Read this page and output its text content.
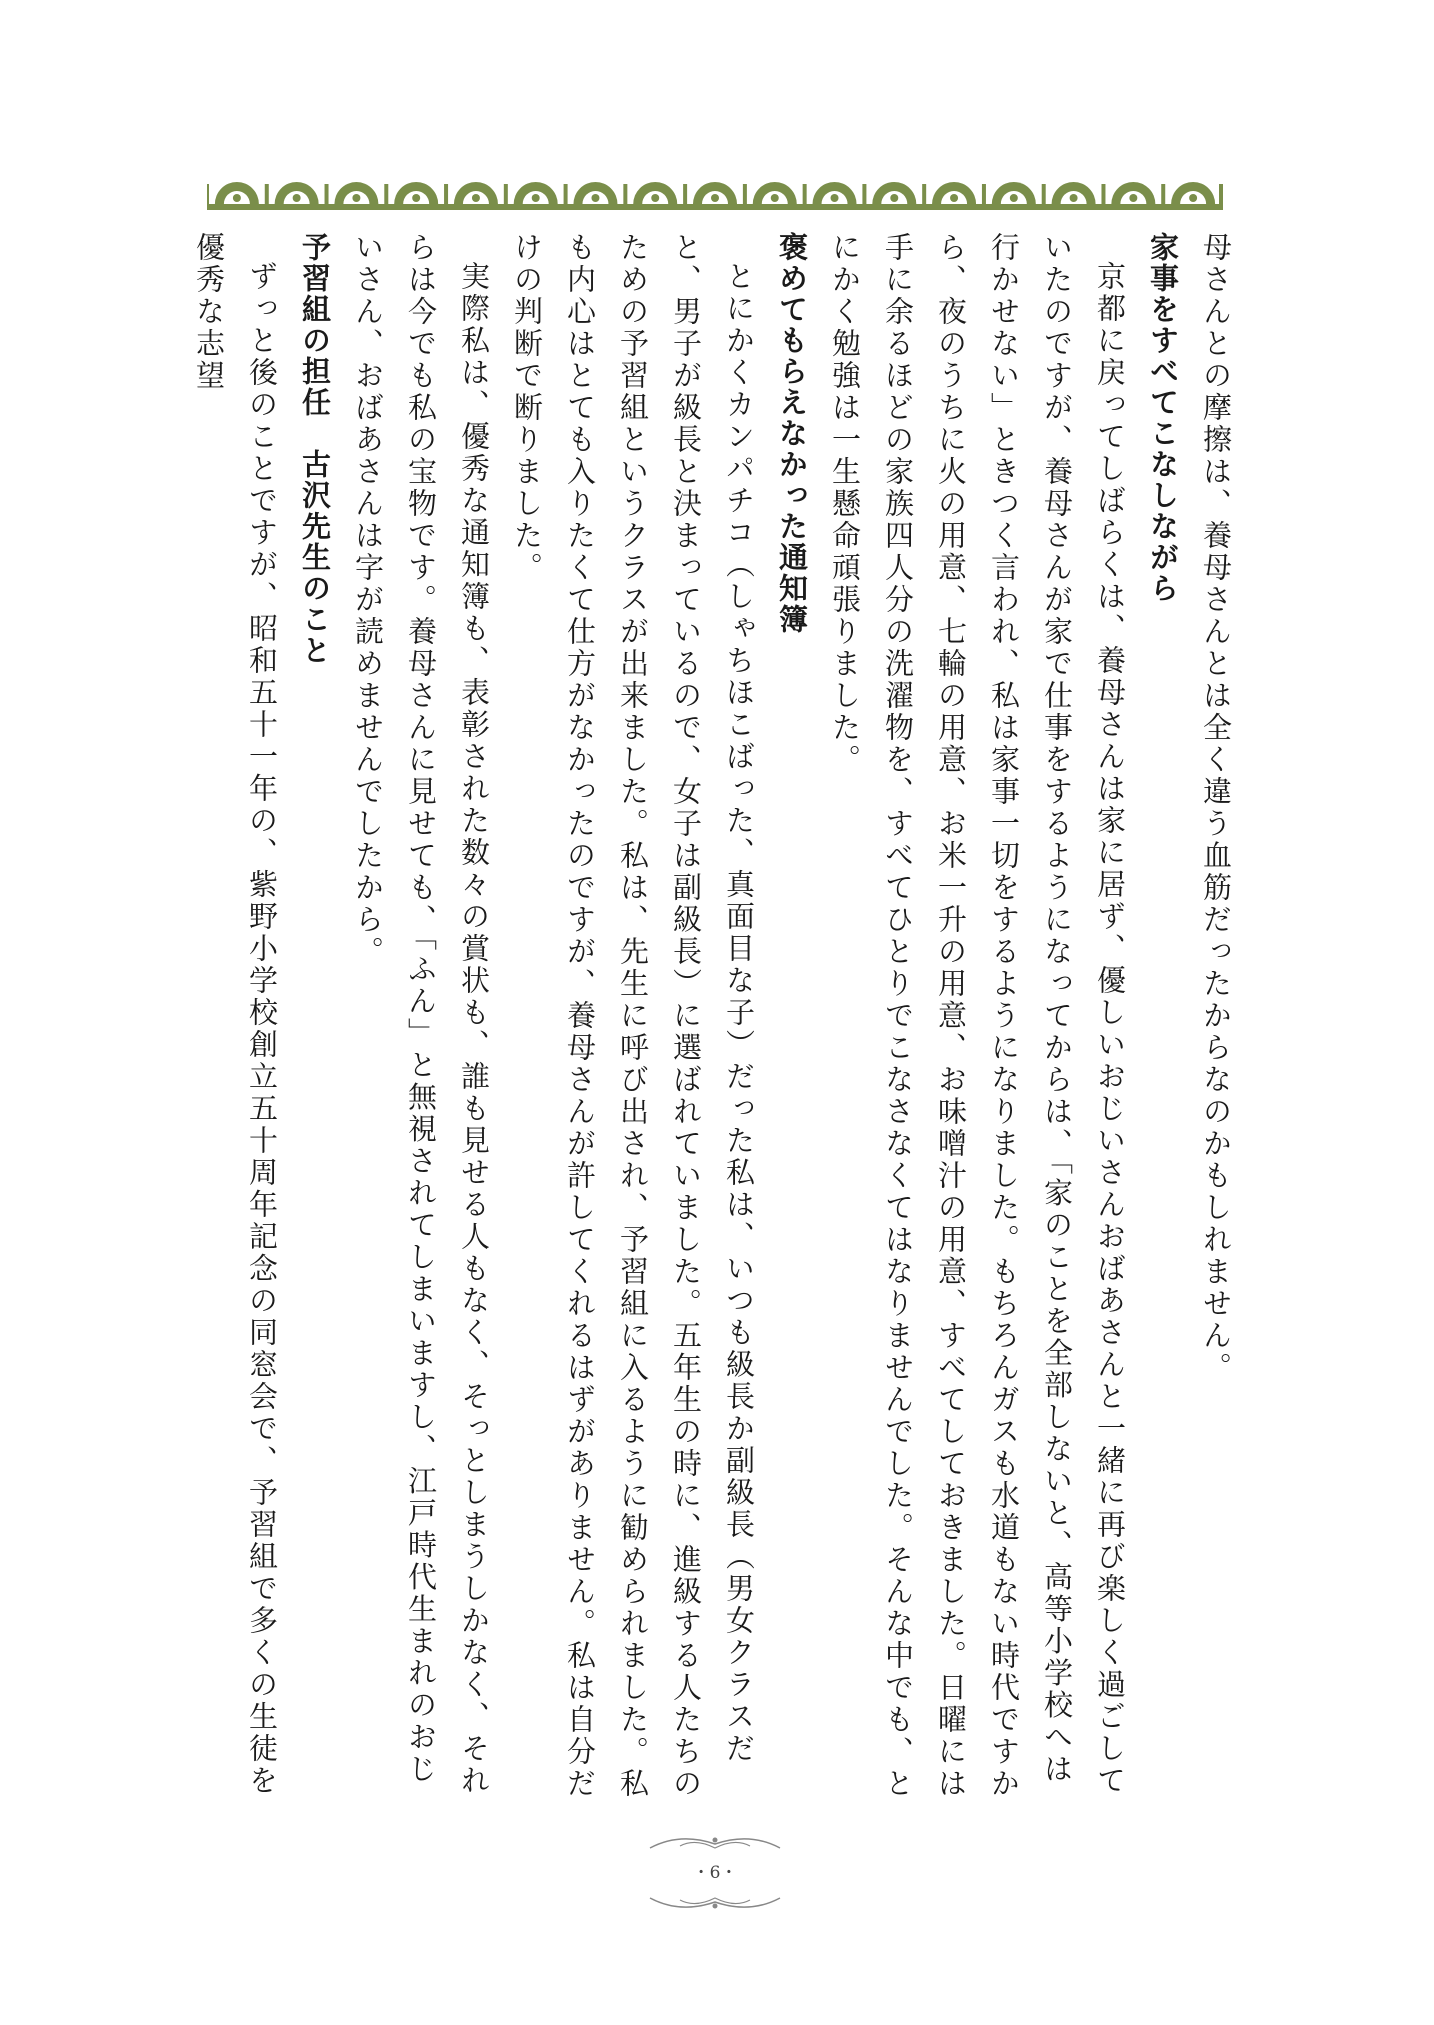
母さんとの摩擦は、養母さんとは全く違う血筋だったからなのかもしれません。

家事をすべてこなしながら

京都に戻ってしばらくは、養母さんは家に居ず、優しいおじいさんおばあさんと一緒に再び楽しく過ごしていたのですが、養母さんが家で仕事をするようになってからは、「家のことを全部しないと、高等小学校へは行かせない」ときつく言われ、私は家事一切をするようになりました。もちろんガスも水道もない時代ですから、夜のうちに火の用意、七輪の用意、お米一升の用意、お味噌汁の用意、すべてしておきました。日曜には手に余るほどの家族四人分の洗濯物を、すべてひとりでこなさなくてはなりませんでした。そんな中でも、とにかく勉強は一生懸命頑張りました。

褒めてもらえなかった通知簿

とにかくカンパチコ（しゃちほこばった、真面目な子）だった私は、いつも級長か副級長（男女クラスだと、男子が級長と決まっているので、女子は副級長）に選ばれていました。五年生の時に、進級する人たちのための予習組というクラスが出来ました。私は、先生に呼び出され、予習組に入るように勧められました。私も内心はとても入りたくて仕方がなかったのですが、養母さんが許してくれるはずがありません。私は自分だけの判断で断りました。

実際私は、優秀な通知簿も、表彰された数々の賞状も、誰も見せる人もなく、そっとしまうしかなく、それらは今でも私の宝物です。養母さんに見せても、「ふん」と無視されてしまいますし、江戸時代生まれのおじいさん、おばあさんは字が読めませんでしたから。

予習組の担任　古沢先生のこと

ずっと後のことですが、昭和五十一年の、紫野小学校創立五十周年記念の同窓会で、予習組で多くの生徒を優秀な志望

・6・
